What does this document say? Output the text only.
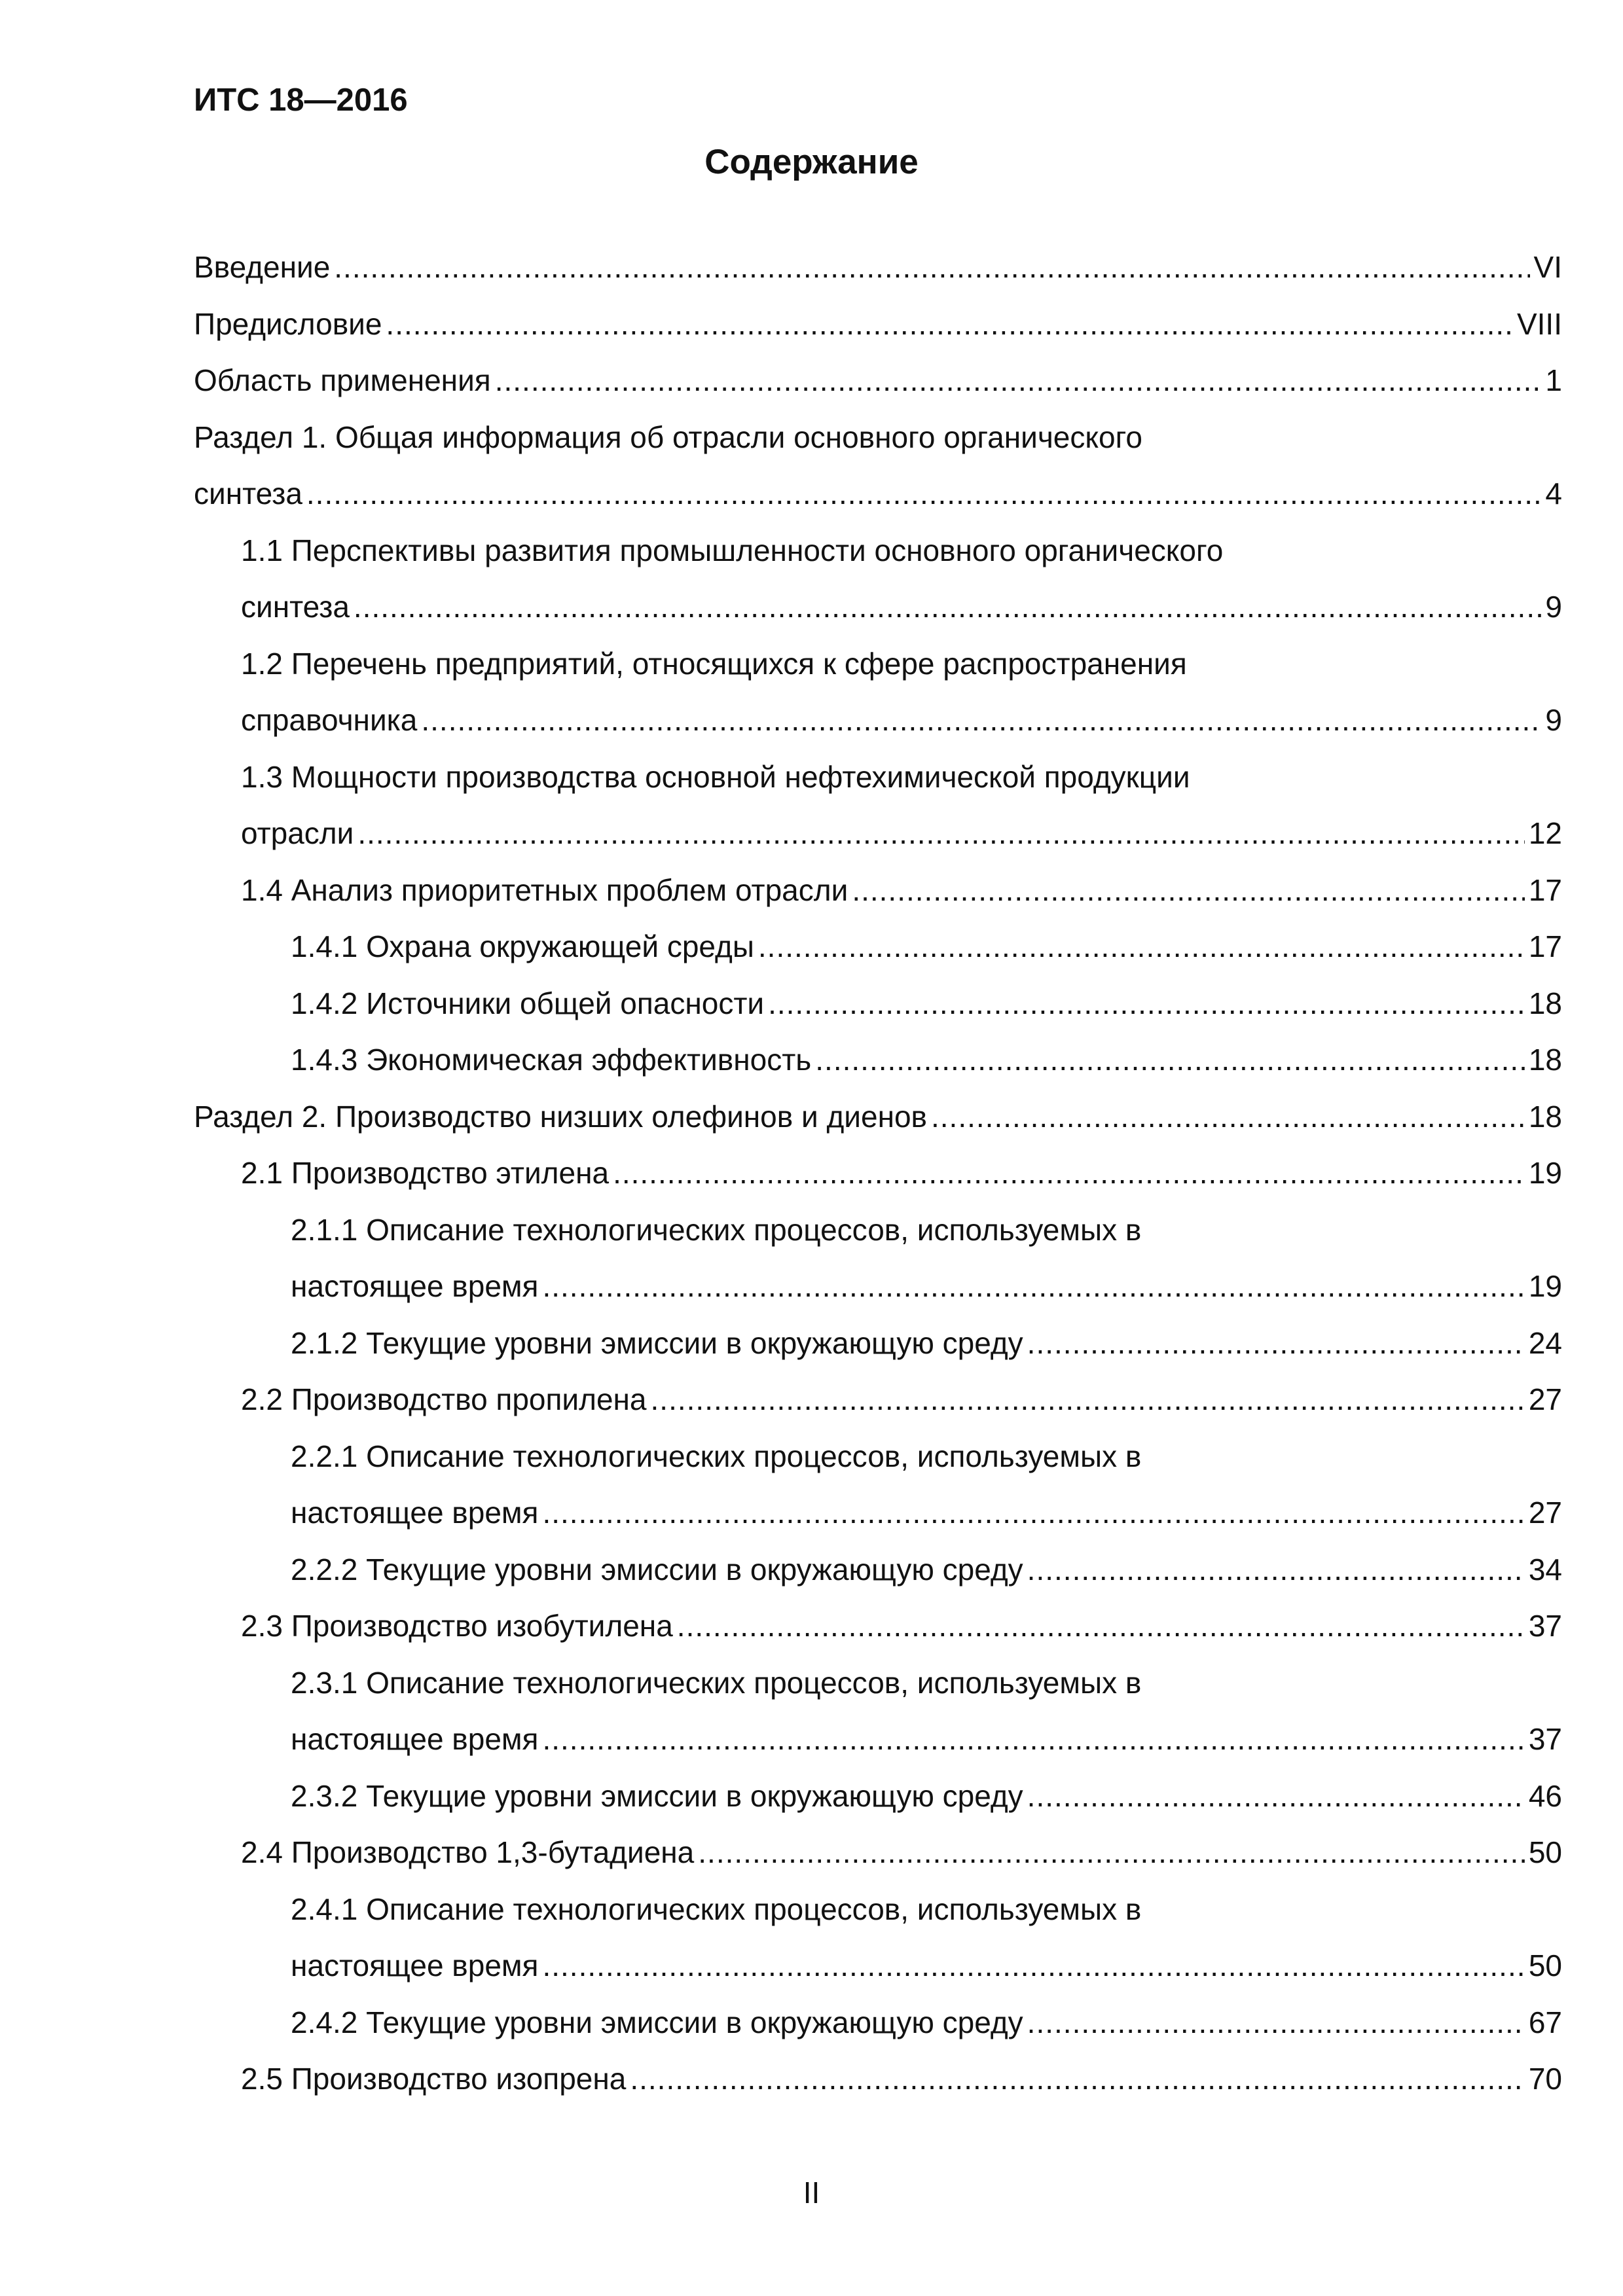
ИТС 18—2016
Содержание
Введение .....	VI
Предисловие .....	VIII
Область применения .....	1
Раздел 1. Общая информация об отрасли основного органического
синтеза .....	4
1.1 Перспективы развития промышленности основного органического
синтеза .....	9
1.2 Перечень предприятий, относящихся к сфере распространения
справочника .....	9
1.3 Мощности производства основной нефтехимической продукции
отрасли .....	12
1.4 Анализ приоритетных проблем отрасли .....	17
1.4.1 Охрана окружающей среды .....	17
1.4.2 Источники общей опасности .....	18
1.4.3 Экономическая эффективность .....	18
Раздел 2. Производство низших олефинов и диенов .....	18
2.1 Производство этилена .....	19
2.1.1 Описание технологических процессов, используемых в
настоящее время .....	19
2.1.2 Текущие уровни эмиссии в окружающую среду .....	24
2.2 Производство пропилена .....	27
2.2.1 Описание технологических процессов, используемых в
настоящее время .....	27
2.2.2 Текущие уровни эмиссии в окружающую среду .....	34
2.3 Производство изобутилена .....	37
2.3.1 Описание технологических процессов, используемых в
настоящее время .....	37
2.3.2 Текущие уровни эмиссии в окружающую среду .....	46
2.4 Производство 1,3-бутадиена .....	50
2.4.1 Описание технологических процессов, используемых в
настоящее время .....	50
2.4.2 Текущие уровни эмиссии в окружающую среду .....	67
2.5 Производство изопрена .....	70
II
